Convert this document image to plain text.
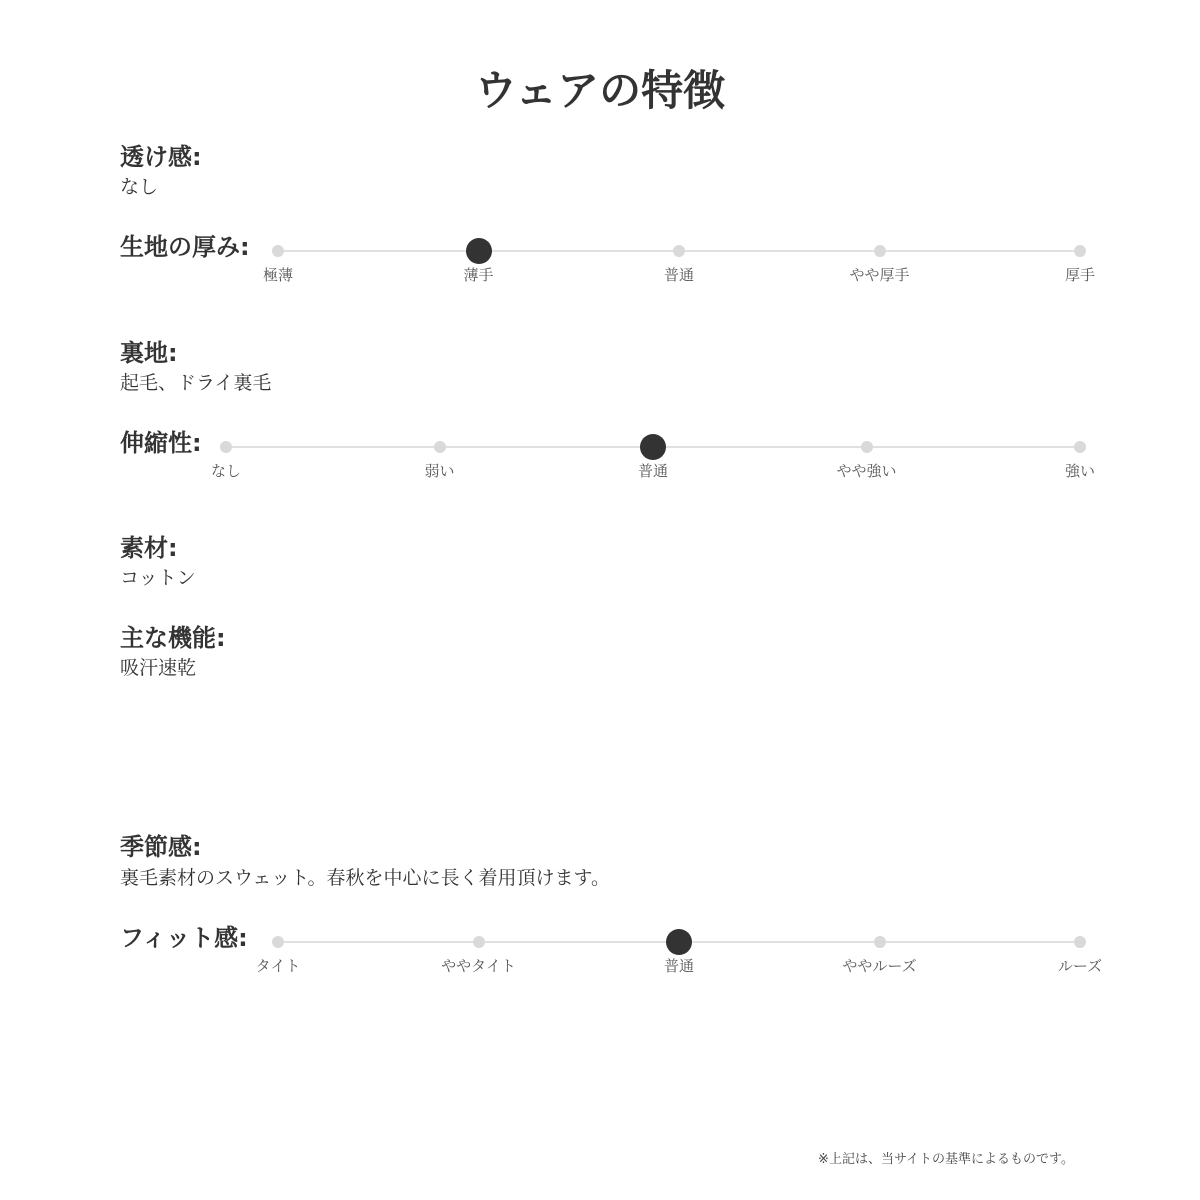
ウェアの特徴
透け感:
なし
生地の厚み:
極薄	薄手	普通	やや厚手	厚手
裏地:
起毛、ドライ裏毛
伸縮性:
なし	弱い	普通	やや強い	強い
素材:
コットン
主な機能:
吸汗速乾
季節感:
裏毛素材のスウェット。春秋を中心に長く着用頂けます。
フィット感:
タイト	ややタイト	普通	ややルーズ	ルーズ
※上記は、当サイトの基準によるものです。
